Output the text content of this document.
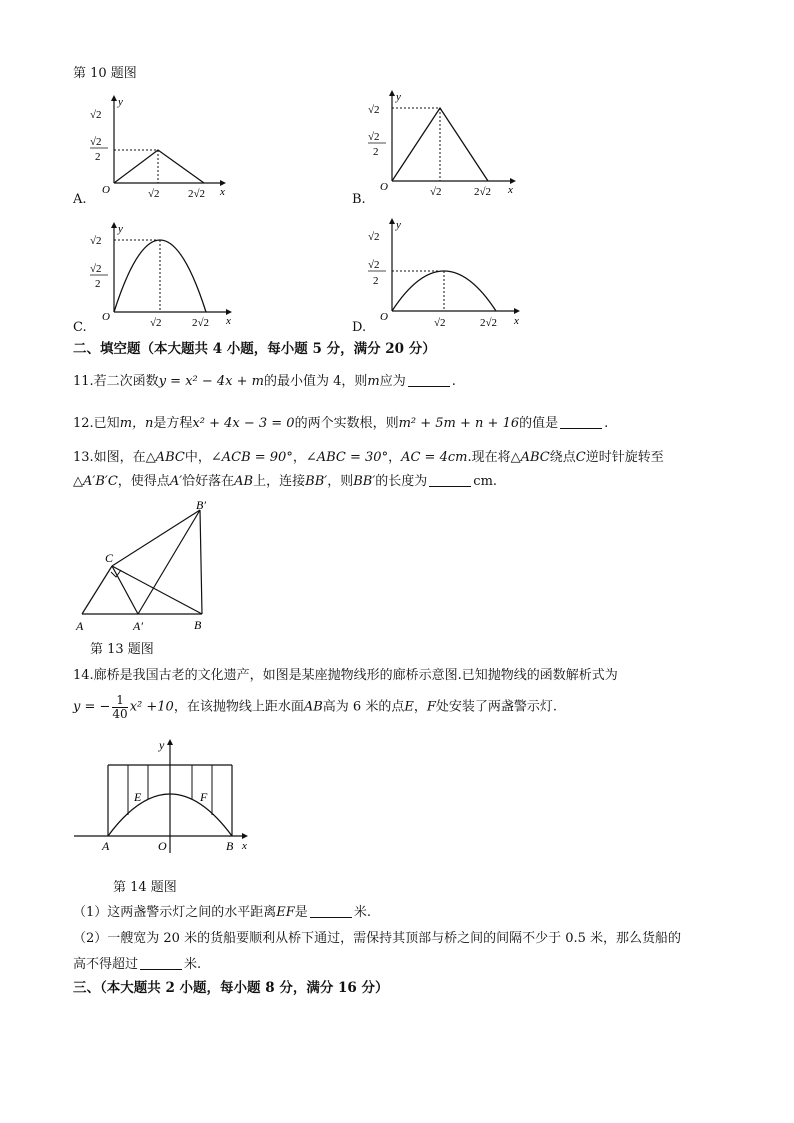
第 10 题图
y
√2
√2
2
O	√2	2√2 x
A.
y
√2
√2
2
O	√2	2√2 x
B.
y
√2
√2
2
O	√2	2√2 x
C.
y
√2
√2
2
O	√2	2√2 x
D.
二、填空题（本大题共 4 小题，每小题 5 分，满分 20 分）
11.若二次函数y = x² − 4x + m的最小值为 4，则m应为	.
12.已知m，n是方程x² + 4x − 3 = 0的两个实数根，则m² + 5m + n + 16的值是	.
13.如图，在△ABC中，∠ACB = 90°，∠ABC = 30°，AC = 4cm.现在将△ABC绕点C逆时针旋转至
△A′B′C，使得点A′恰好落在AB上，连接BB′，则BB′的长度为	cm.
B′
C
A	A′	B
第 13 题图
14.廊桥是我国古老的文化遗产，如图是某座抛物线形的廊桥示意图.已知抛物线的函数解析式为
y = − $\frac{1}{40} x^2 +10$，在该抛物线上距水面AB高为 6 米的点E，F处安装了两盏警示灯.
y
E	F
A	O	B x
第 14 题图
（1）这两盏警示灯之间的水平距离EF是	米.
（2）一艘宽为 20 米的货船要顺利从桥下通过，需保持其顶部与桥之间的间隔不少于 0.5 米，那么货船的
高不得超过	米.
三、（本大题共 2 小题，每小题 8 分，满分 16 分）
